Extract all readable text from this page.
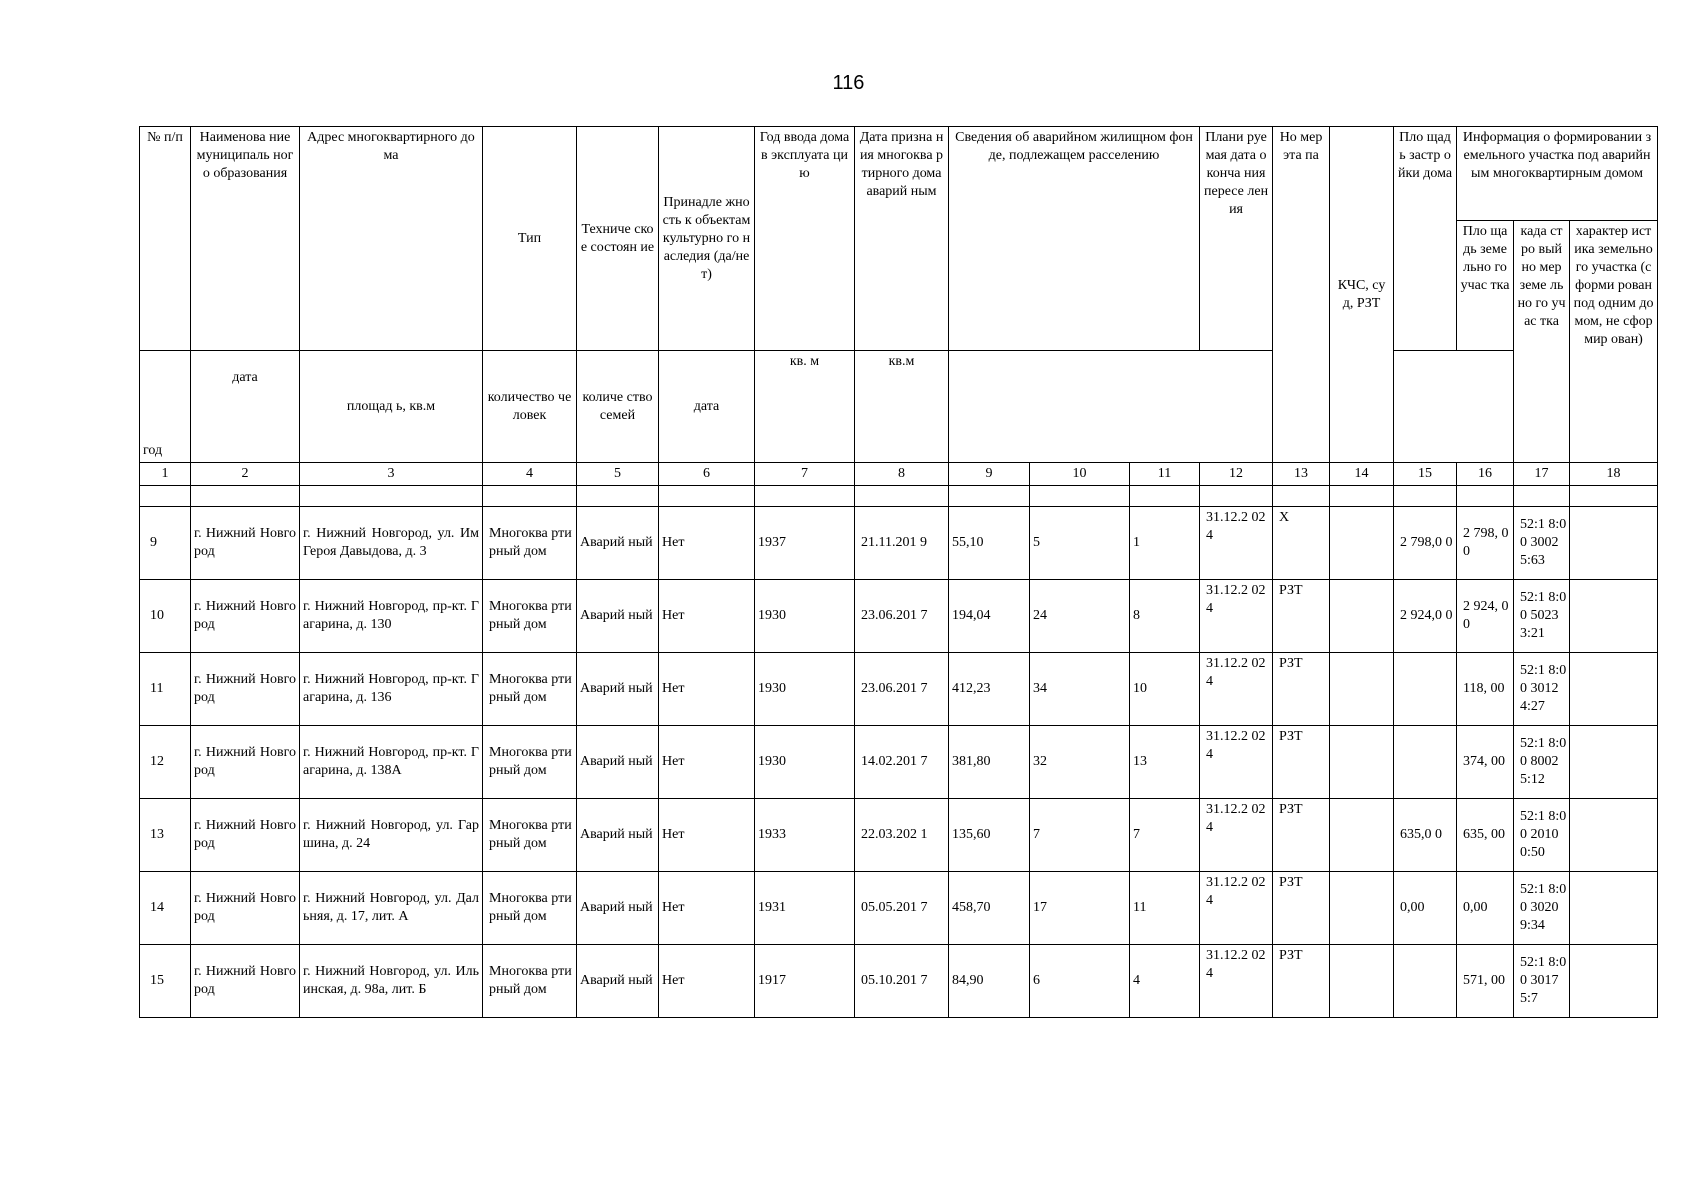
116
№ п/п	Наименова ние муниципаль ного образования	Адрес многоквартирного дома	Тип	Техниче ское состоян ие	Принадле жность к объектам культурно го наследия (да/нет)	Год ввода дома в эксплуата цию	Дата призна ния многоква ртирного дома аварий ным	Сведения об аварийном жилищном фонде, подлежащем расселению			Плани руемая дата оконча ния пересе ления	Но мер эта па	КЧС, суд, РЗТ	Пло щадь застр ойки дома	Информация о формировании земельного участка под аварийным многоквартирным домом		
															Пло щадь земе льно го учас тка	када стро вый но мер земе льно го учас тка	характер истика земельно го участка (сформи рован под одним домом, не сформир ован)
год	дата	площад ь, кв.м	количество человек	количе ство семей	дата	кв. м	кв.м										
1	2	3	4	5	6	7	8	9	10	11	12	13	14	15	16	17	18

9	г. Нижний Новгород	г. Нижний Новгород, ул. Им Героя Давыдова, д. 3	Многоква ртирный дом	Аварий ный	Нет	1937	21.11.201 9	55,10	5	1	31.12.2 024	X		2 798,0 0	2 798, 00	52:1 8:00 3002 5:63	
10	г. Нижний Новгород	г. Нижний Новгород, пр-кт. Гагарина, д. 130	Многоква ртирный дом	Аварий ный	Нет	1930	23.06.201 7	194,04	24	8	31.12.2 024	РЗТ		2 924,0 0	2 924, 00	52:1 8:00 5023 3:21	
11	г. Нижний Новгород	г. Нижний Новгород, пр-кт. Гагарина, д. 136	Многоква ртирный дом	Аварий ный	Нет	1930	23.06.201 7	412,23	34	10	31.12.2 024	РЗТ			118, 00	52:1 8:00 3012 4:27	
12	г. Нижний Новгород	г. Нижний Новгород, пр-кт. Гагарина, д. 138А	Многоква ртирный дом	Аварий ный	Нет	1930	14.02.201 7	381,80	32	13	31.12.2 024	РЗТ			374, 00	52:1 8:00 8002 5:12	
13	г. Нижний Новгород	г. Нижний Новгород, ул. Гаршина, д. 24	Многоква ртирный дом	Аварий ный	Нет	1933	22.03.202 1	135,60	7	7	31.12.2 024	РЗТ		635,0 0	635, 00	52:1 8:00 2010 0:50	
14	г. Нижний Новгород	г. Нижний Новгород, ул. Дальняя, д. 17, лит. А	Многоква ртирный дом	Аварий ный	Нет	1931	05.05.201 7	458,70	17	11	31.12.2 024	РЗТ		0,00	0,00	52:1 8:00 3020 9:34	
15	г. Нижний Новгород	г. Нижний Новгород, ул. Ильинская, д. 98а, лит. Б	Многоква ртирный дом	Аварий ный	Нет	1917	05.10.201 7	84,90	6	4	31.12.2 024	РЗТ			571, 00	52:1 8:00 3017 5:7	
